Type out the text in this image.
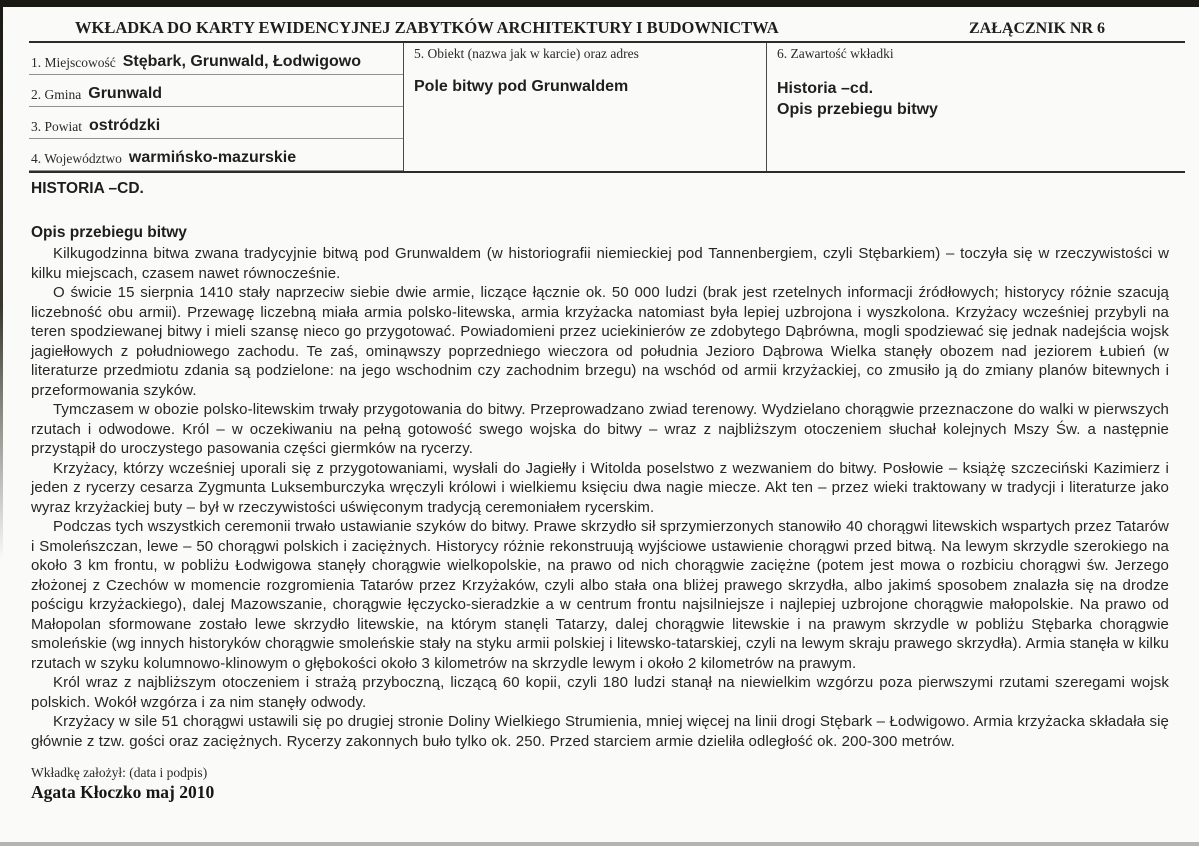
WKŁADKA DO KARTY EWIDENCYJNEJ ZABYTKÓW ARCHITEKTURY I BUDOWNICTWA	ZAŁĄCZNIK NR 6
1. Miejscowość Stębark, Grunwald, Łodwigowo
2. Gmina Grunwald
3. Powiat ostródzki
4. Województwo warmińsko-mazurskie
5. Obiekt (nazwa jak w karcie) oraz adres
Pole bitwy pod Grunwaldem
6. Zawartość wkładki
Historia –cd.
Opis przebiegu bitwy
HISTORIA –CD.
Opis przebiegu bitwy

Kilkugodzinna bitwa zwana tradycyjnie bitwą pod Grunwaldem (w historiografii niemieckiej pod Tannenbergiem, czyli Stębarkiem) – toczyła się w rzeczywistości w kilku miejscach, czasem nawet równocześnie.

O świcie 15 sierpnia 1410 stały naprzeciw siebie dwie armie, liczące łącznie ok. 50 000 ludzi (brak jest rzetelnych informacji źródłowych; historycy różnie szacują liczebność obu armii). Przewagę liczebną miała armia polsko-litewska, armia krzyżacka natomiast była lepiej uzbrojona i wyszkolona. Krzyżacy wcześniej przybyli na teren spodziewanej bitwy i mieli szansę nieco go przygotować. Powiadomieni przez uciekinierów ze zdobytego Dąbrówna, mogli spodziewać się jednak nadejścia wojsk jagiełłowych z południowego zachodu. Te zaś, ominąwszy poprzedniego wieczora od południa Jezioro Dąbrowa Wielka stanęły obozem nad jeziorem Łubień (w literaturze przedmiotu zdania są podzielone: na jego wschodnim czy zachodnim brzegu) na wschód od armii krzyżackiej, co zmusiło ją do zmiany planów bitewnych i przeformowania szyków.

Tymczasem w obozie polsko-litewskim trwały przygotowania do bitwy. Przeprowadzano zwiad terenowy. Wydzielano chorągwie przeznaczone do walki w pierwszych rzutach i odwodowe. Król – w oczekiwaniu na pełną gotowość swego wojska do bitwy – wraz z najbliższym otoczeniem słuchał kolejnych Mszy Św. a następnie przystąpił do uroczystego pasowania części giermków na rycerzy.

Krzyżacy, którzy wcześniej uporali się z przygotowaniami, wysłali do Jagiełły i Witolda poselstwo z wezwaniem do bitwy. Posłowie – książę szczeciński Kazimierz i jeden z rycerzy cesarza Zygmunta Luksemburczyka wręczyli królowi i wielkiemu księciu dwa nagie miecze. Akt ten – przez wieki traktowany w tradycji i literaturze jako wyraz krzyżackiej buty – był w rzeczywistości uświęconym tradycją ceremoniałem rycerskim.

Podczas tych wszystkich ceremonii trwało ustawianie szyków do bitwy. Prawe skrzydło sił sprzymierzonych stanowiło 40 chorągwi litewskich wspartych przez Tatarów i Smoleńszczan, lewe – 50 chorągwi polskich i zaciężnych. Historycy różnie rekonstruują wyjściowe ustawienie chorągwi przed bitwą. Na lewym skrzydle szerokiego na około 3 km frontu, w pobliżu Łodwigowa stanęły chorągwie wielkopolskie, na prawo od nich chorągwie zaciężne (potem jest mowa o rozbiciu chorągwi św. Jerzego złożonej z Czechów w momencie rozgromienia Tatarów przez Krzyżaków, czyli albo stała ona bliżej prawego skrzydła, albo jakimś sposobem znalazła się na drodze pościgu krzyżackiego), dalej Mazowszanie, chorągwie łęczycko-sieradzkie a w centrum frontu najsilniejsze i najlepiej uzbrojone chorągwie małopolskie. Na prawo od Małopolan sformowane zostało lewe skrzydło litewskie, na którym stanęli Tatarzy, dalej chorągwie litewskie i na prawym skrzydle w pobliżu Stębarka chorągwie smoleńskie (wg innych historyków chorągwie smoleńskie stały na styku armii polskiej i litewsko-tatarskiej, czyli na lewym skraju prawego skrzydła). Armia stanęła w kilku rzutach w szyku kolumnowo-klinowym o głębokości około 3 kilometrów na skrzydle lewym i około 2 kilometrów na prawym.

Król wraz z najbliższym otoczeniem i strażą przyboczną, liczącą 60 kopii, czyli 180 ludzi stanął na niewielkim wzgórzu poza pierwszymi rzutami szeregami wojsk polskich. Wokół wzgórza i za nim stanęły odwody.

Krzyżacy w sile 51 chorągwi ustawili się po drugiej stronie Doliny Wielkiego Strumienia, mniej więcej na linii drogi Stębark – Łodwigowo. Armia krzyżacka składała się głównie z tzw. gości oraz zaciężnych. Rycerzy zakonnych buło tylko ok. 250. Przed starciem armie dzieliła odległość ok. 200-300 metrów.

Wkładkę założył: (data i podpis)
Agata Kłoczko maj 2010
